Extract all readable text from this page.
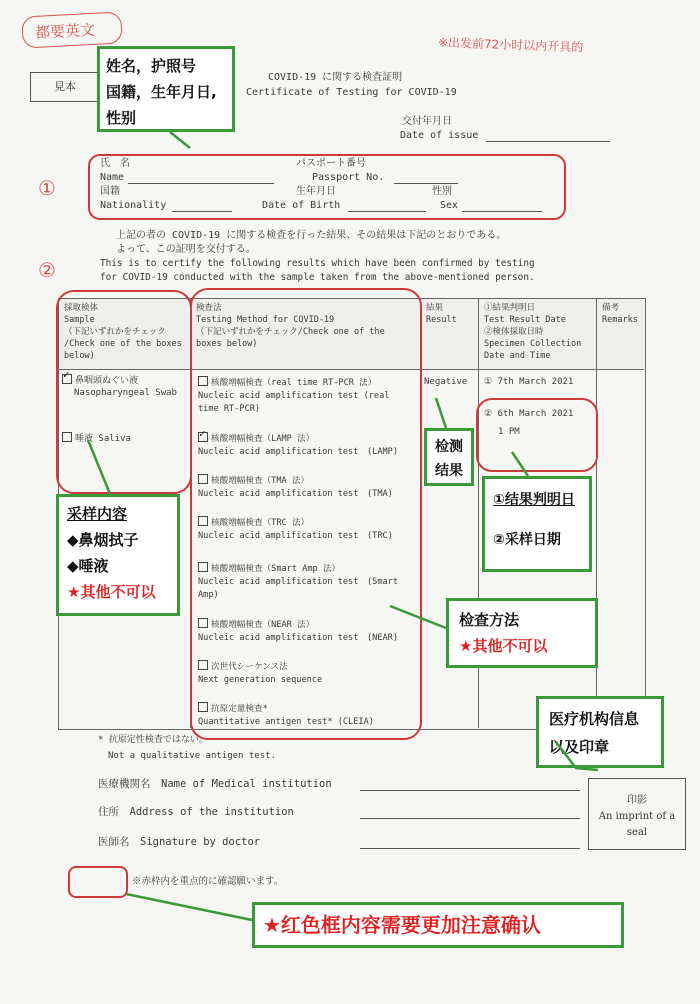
都要英文
※出发前72小时以内开具的
見本
COVID-19 に関する検査証明
Certificate of Testing for COVID-19
交付年月日
Date of issue
姓名，护照号
国籍，生年月日,
性别
①
氏　名
Name
パスポート番号
Passport No.
国籍
Nationality
生年月日
Date of Birth
性別
Sex
②
上記の者の COVID-19 に関する検査を行った結果、その結果は下記のとおりである。
よって、この証明を交付する。
This is to certify the following results which have been confirmed by testing
for COVID-19 conducted with the sample taken from the above-mentioned person.
採取検体
Sample
（下記いずれかをチェック
/Check one of the boxes
below)
検査法
Testing Method for COVID-19
（下記いずれかをチェック/Check one of the
boxes below)
結果
Result
①結果判明日
Test Result Date
②検体採取日時
Specimen Collection
Date and Time
備考
Remarks
✓ 鼻咽頭ぬぐい液
Nasopharyngeal Swab
唾液 Saliva
核酸増幅検査（real time RT-PCR 法）
Nucleic acid amplification test (real
time RT-PCR)
✓ 核酸増幅検査（LAMP 法）
Nucleic acid amplification test　(LAMP)
核酸増幅検査（TMA 法）
Nucleic acid amplification test　(TMA)
核酸増幅検査（TRC 法）
Nucleic acid amplification test　(TRC)
核酸増幅検査（Smart Amp 法）
Nucleic acid amplification test　(Smart
Amp)
核酸増幅検査（NEAR 法）
Nucleic acid amplification test　(NEAR)
次世代シーケンス法
Next generation sequence
抗原定量検査*
Quantitative antigen test* (CLEIA)
Negative ① 7th March 2021
② 6th March 2021
1 PM
检测
结果
①结果判明日
②采样日期
采样内容
◆鼻烟拭子
◆唾液
★其他不可以
检查方法
★其他不可以
医疗机构信息
以及印章
* 抗原定性検査ではない。
Not a qualitative antigen test.
医療機関名　Name of Medical institution
住所　Address of the institution
医師名　Signature by doctor
印影
An imprint of a
seal
※赤枠内を重点的に確認願います。
★红色框内容需要更加注意确认
